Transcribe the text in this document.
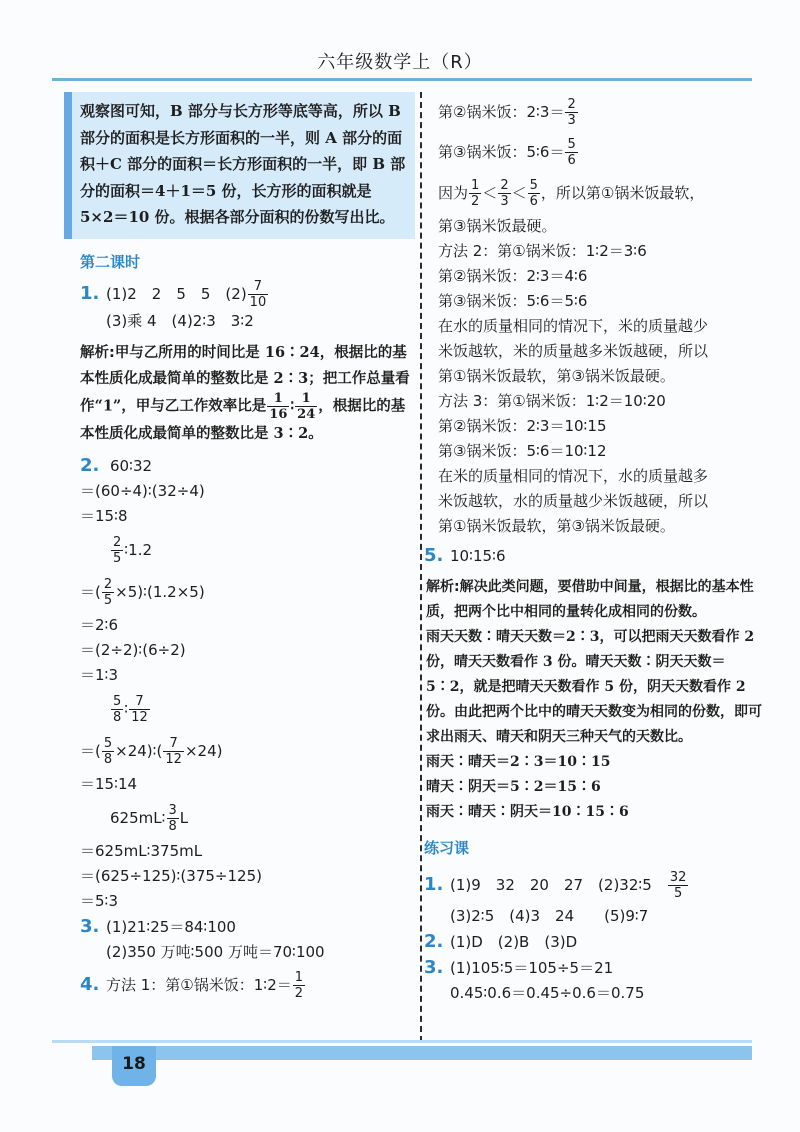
六年级数学上（R）
观察图可知，B 部分与长方形等底等高，所以 B 部分的面积是长方形面积的一半，则 A 部分的面积＋C 部分的面积＝长方形面积的一半，即 B 部分的面积＝4＋1＝5 份，长方形的面积就是 5×2＝10 份。根据各部分面积的份数写出比。
第二课时
1. (1)2　2　5　5　$(2) \frac{7}{10}$
(3)乘 4　(4)2∶3　3∶2
解析:甲与乙所用的时间比是 16∶24，根据比的基本性质化成最简单的整数比是 2∶3；把工作总量看作“1”，甲与乙工作效率比是 $\frac{1}{16}$ ∶ $\frac{1}{24}$ ，根据比的基本性质化成最简单的整数比是 3∶2。
2. 60∶32
＝(60÷4)∶(32÷4)
＝15∶8
$\frac{2}{5}$ ∶1.2
＝( $\frac{2}{5}$ ×5)∶(1.2×5)
＝2∶6
＝(2÷2)∶(6÷2)
＝1∶3
$\frac{5}{8}$ ∶ $\frac{7}{12}$
＝( $\frac{5}{8}$ ×24)∶( $\frac{7}{12} \times 24$)
＝15∶14
625mL∶ $\frac{3}{8}$ L
＝625mL∶375mL
＝(625÷125)∶(375÷125)
＝5∶3
3. (1)21∶25＝84∶100
(2)350 万吨∶500 万吨＝70∶100
4. 方法 1：第①锅米饭：1∶2＝ $\frac{1}{2}$
第②锅米饭：2∶3＝ $\frac{2}{3}$
第③锅米饭：5∶6＝ $\frac{5}{6}$
因为 $\frac{1}{2} < \frac{2}{3} < \frac{5}{6}$ ，所以第①锅米饭最软，
第③锅米饭最硬。
方法 2：第①锅米饭：1∶2＝3∶6
第②锅米饭：2∶3＝4∶6
第③锅米饭：5∶6＝5∶6
在水的质量相同的情况下，米的质量越少
米饭越软，米的质量越多米饭越硬，所以
第①锅米饭最软，第③锅米饭最硬。
方法 3：第①锅米饭：1∶2＝10∶20
第②锅米饭：2∶3＝10∶15
第③锅米饭：5∶6＝10∶12
在米的质量相同的情况下，水的质量越多
米饭越软，水的质量越少米饭越硬，所以
第①锅米饭最软，第③锅米饭最硬。
5. 10∶15∶6
解析:解决此类问题，要借助中间量，根据比的基本性质，把两个比中相同的量转化成相同的份数。
雨天天数∶晴天天数＝2∶3，可以把雨天天数看作 2 份，晴天天数看作 3 份。晴天天数∶阴天天数＝5∶2，就是把晴天天数看作 5 份，阴天天数看作 2 份。由此把两个比中的晴天天数变为相同的份数，即可求出雨天、晴天和阴天三种天气的天数比。
雨天∶晴天＝2∶3＝10∶15
晴天∶阴天＝5∶2＝15∶6
雨天∶晴天∶阴天＝10∶15∶6
练习课
1. (1)9　32　20　27　(2)32∶5　 $\frac{32}{5}$
(3)2∶5　(4)3　24　　(5)9∶7
2. (1)D　(2)B　(3)D
3. (1)105∶5＝105÷5＝21
0.45∶0.6＝0.45÷0.6＝0.75
18
